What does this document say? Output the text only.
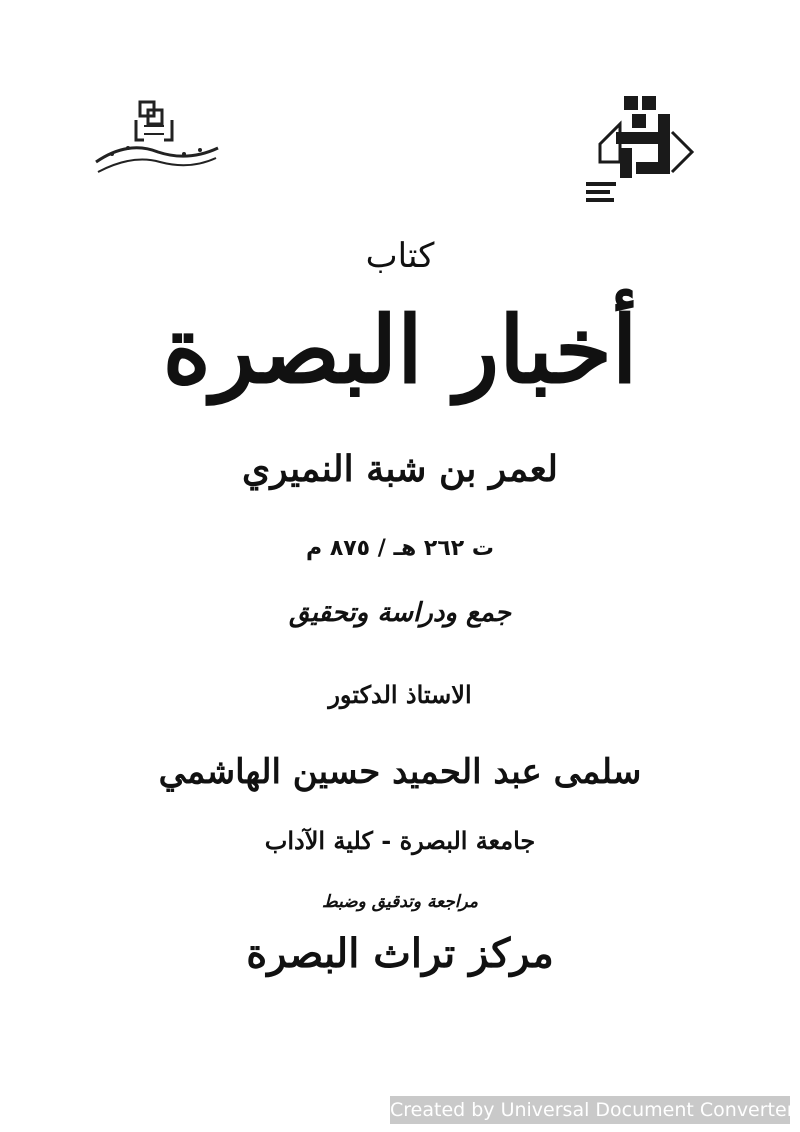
كتاب
أخبار البصرة
لعمر بن شبة النميري
ت ٢٦٢ هـ / ٨٧٥ م
جمع ودراسة وتحقيق
الاستاذ الدكتور
سلمى عبد الحميد حسين الهاشمي
جامعة البصرة - كلية الآداب
مراجعة وتدقيق وضبط
مركز تراث البصرة
Created by Universal Document Converter
